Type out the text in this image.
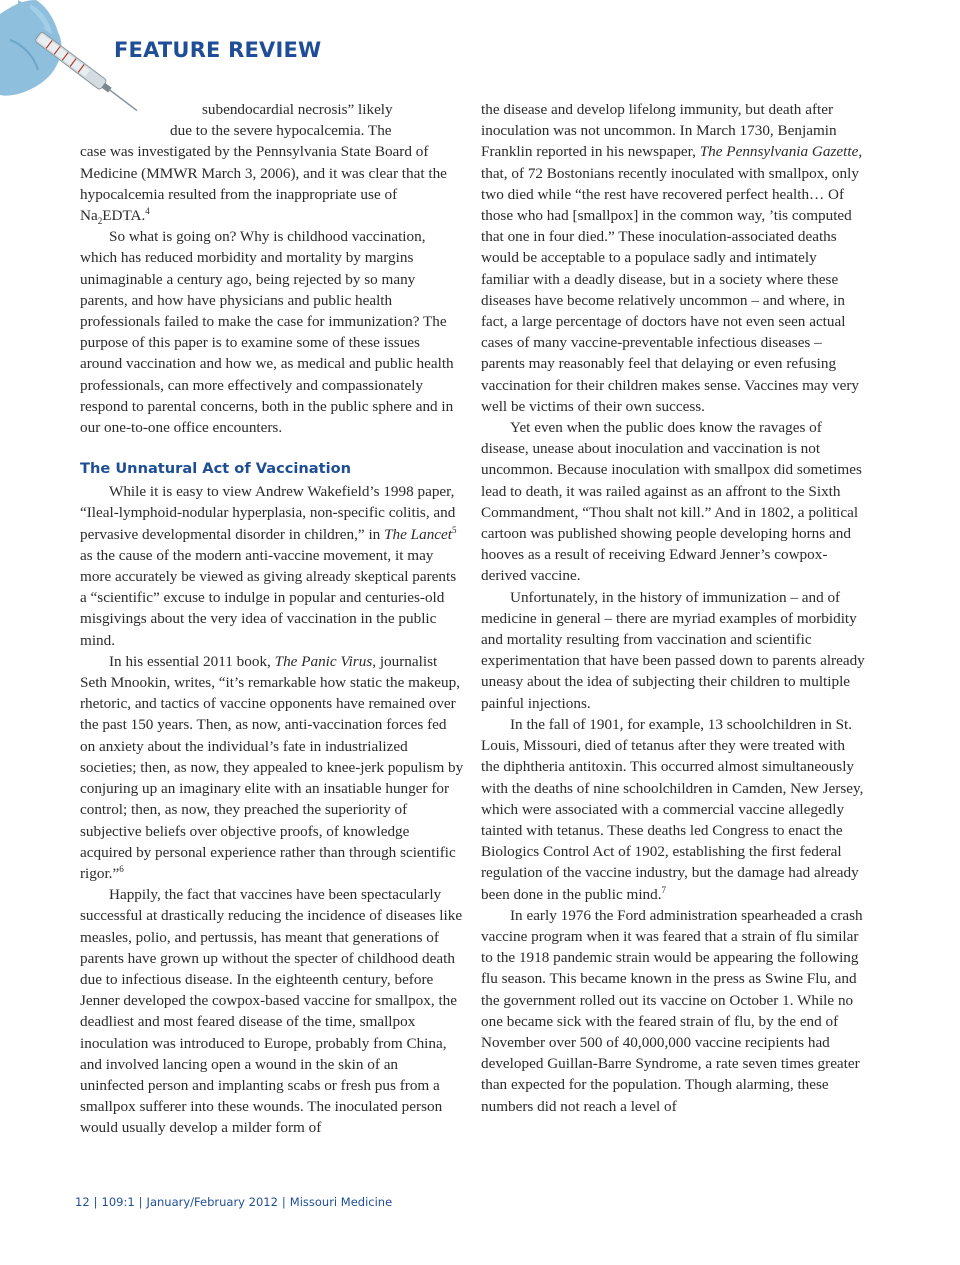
FEATURE REVIEW

subendocardial necrosis” likely
due to the severe hypocalcemia. The
case was investigated by the Pennsylvania State Board of Medicine (MMWR March 3, 2006), and it was clear that the hypocalcemia resulted from the inappropriate use of $Na_2EDTA.^4$

So what is going on? Why is childhood vaccination, which has reduced morbidity and mortality by margins unimaginable a century ago, being rejected by so many parents, and how have physicians and public health professionals failed to make the case for immunization? The purpose of this paper is to examine some of these issues around vaccination and how we, as medical and public health professionals, can more effectively and compassionately respond to parental concerns, both in the public sphere and in our one-to-one office encounters.

The Unnatural Act of Vaccination

While it is easy to view Andrew Wakefield’s 1998 paper, “Ileal-lymphoid-nodular hyperplasia, non-specific colitis, and pervasive developmental disorder in children,” in The Lancet$^5$ as the cause of the modern anti-vaccine movement, it may more accurately be viewed as giving already skeptical parents a “scientific” excuse to indulge in popular and centuries-old misgivings about the very idea of vaccination in the public mind.

In his essential 2011 book, The Panic Virus, journalist Seth Mnookin, writes, “it’s remarkable how static the makeup, rhetoric, and tactics of vaccine opponents have remained over the past 150 years. Then, as now, anti-vaccination forces fed on anxiety about the individual’s fate in industrialized societies; then, as now, they appealed to knee-jerk populism by conjuring up an imaginary elite with an insatiable hunger for control; then, as now, they preached the superiority of subjective beliefs over objective proofs, of knowledge acquired by personal experience rather than through scientific rigor.”$^6$

Happily, the fact that vaccines have been spectacularly successful at drastically reducing the incidence of diseases like measles, polio, and pertussis, has meant that generations of parents have grown up without the specter of childhood death due to infectious disease. In the eighteenth century, before Jenner developed the cowpox-based vaccine for smallpox, the deadliest and most feared disease of the time, smallpox inoculation was introduced to Europe, probably from China, and involved lancing open a wound in the skin of an uninfected person and implanting scabs or fresh pus from a smallpox sufferer into these wounds. The inoculated person would usually develop a milder form of

the disease and develop lifelong immunity, but death after inoculation was not uncommon. In March 1730, Benjamin Franklin reported in his newspaper, The Pennsylvania Gazette, that, of 72 Bostonians recently inoculated with smallpox, only two died while “the rest have recovered perfect health… Of those who had [smallpox] in the common way, ’tis computed that one in four died.” These inoculation-associated deaths would be acceptable to a populace sadly and intimately familiar with a deadly disease, but in a society where these diseases have become relatively uncommon – and where, in fact, a large percentage of doctors have not even seen actual cases of many vaccine-preventable infectious diseases – parents may reasonably feel that delaying or even refusing vaccination for their children makes sense. Vaccines may very well be victims of their own success.

Yet even when the public does know the ravages of disease, unease about inoculation and vaccination is not uncommon. Because inoculation with smallpox did sometimes lead to death, it was railed against as an affront to the Sixth Commandment, “Thou shalt not kill.” And in 1802, a political cartoon was published showing people developing horns and hooves as a result of receiving Edward Jenner’s cowpox-derived vaccine.

Unfortunately, in the history of immunization – and of medicine in general – there are myriad examples of morbidity and mortality resulting from vaccination and scientific experimentation that have been passed down to parents already uneasy about the idea of subjecting their children to multiple painful injections.

In the fall of 1901, for example, 13 schoolchildren in St. Louis, Missouri, died of tetanus after they were treated with the diphtheria antitoxin. This occurred almost simultaneously with the deaths of nine schoolchildren in Camden, New Jersey, which were associated with a commercial vaccine allegedly tainted with tetanus. These deaths led Congress to enact the Biologics Control Act of 1902, establishing the first federal regulation of the vaccine industry, but the damage had already been done in the public mind.$^7$

In early 1976 the Ford administration spearheaded a crash vaccine program when it was feared that a strain of flu similar to the 1918 pandemic strain would be appearing the following flu season. This became known in the press as Swine Flu, and the government rolled out its vaccine on October 1. While no one became sick with the feared strain of flu, by the end of November over 500 of 40,000,000 vaccine recipients had developed Guillan-Barre Syndrome, a rate seven times greater than expected for the population. Though alarming, these numbers did not reach a level of

12 | 109:1 | January/February 2012 | Missouri Medicine
